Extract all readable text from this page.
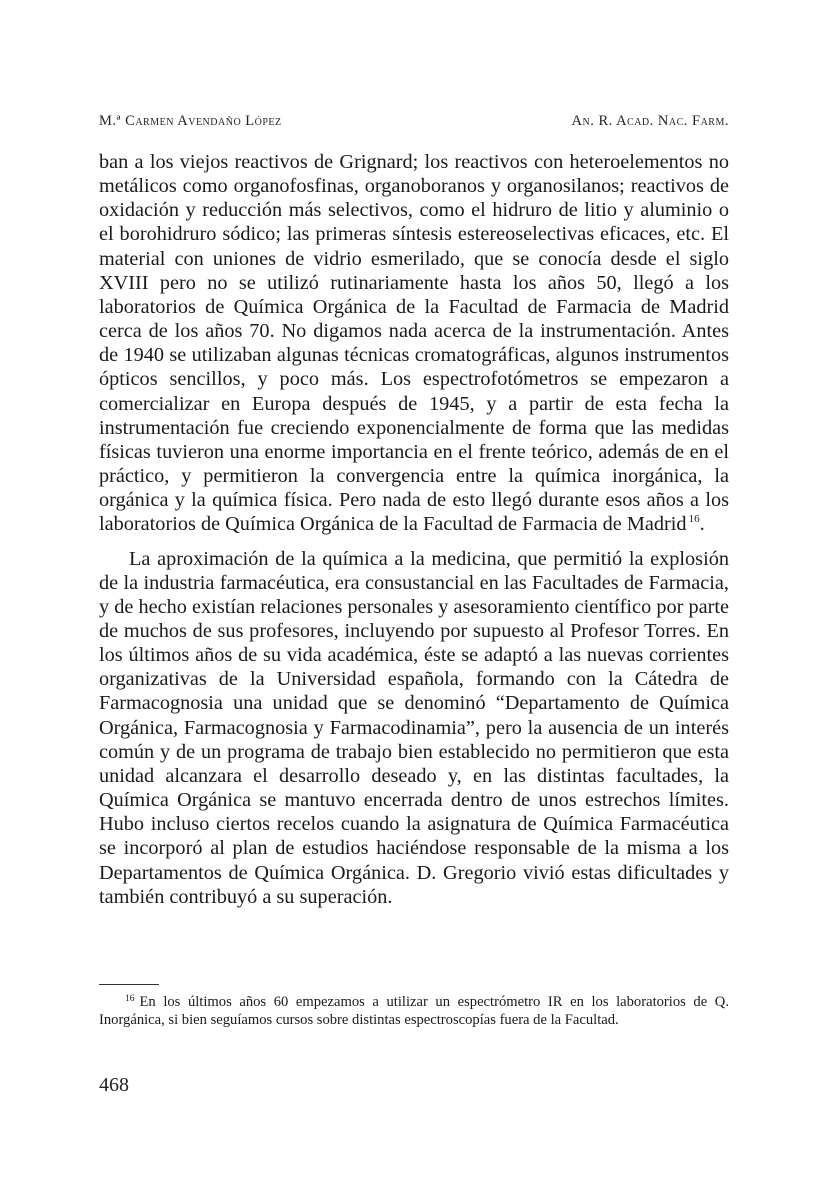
M.ª Carmen Avendaño López	An. R. Acad. Nac. Farm.

ban a los viejos reactivos de Grignard; los reactivos con heteroelementos no metálicos como organofosfinas, organoboranos y organosilanos; reactivos de oxidación y reducción más selectivos, como el hidruro de litio y aluminio o el borohidruro sódico; las primeras síntesis estereoselectivas eficaces, etc. El material con uniones de vidrio esmerilado, que se conocía desde el siglo XVIII pero no se utilizó rutinariamente hasta los años 50, llegó a los laboratorios de Química Orgánica de la Facultad de Farmacia de Madrid cerca de los años 70. No digamos nada acerca de la instrumentación. Antes de 1940 se utilizaban algunas técnicas cromatográficas, algunos instrumentos ópticos sencillos, y poco más. Los espectrofotómetros se empezaron a comercializar en Europa después de 1945, y a partir de esta fecha la instrumentación fue creciendo exponencialmente de forma que las medidas físicas tuvieron una enorme importancia en el frente teórico, además de en el práctico, y permitieron la convergencia entre la química inorgánica, la orgánica y la química física. Pero nada de esto llegó durante esos años a los laboratorios de Química Orgánica de la Facultad de Farmacia de Madrid $^{16}$.

La aproximación de la química a la medicina, que permitió la explosión de la industria farmacéutica, era consustancial en las Facultades de Farmacia, y de hecho existían relaciones personales y asesoramiento científico por parte de muchos de sus profesores, incluyendo por supuesto al Profesor Torres. En los últimos años de su vida académica, éste se adaptó a las nuevas corrientes organizativas de la Universidad española, formando con la Cátedra de Farmacognosia una unidad que se denominó “Departamento de Química Orgánica, Farmacognosia y Farmacodinamia”, pero la ausencia de un interés común y de un programa de trabajo bien establecido no permitieron que esta unidad alcanzara el desarrollo deseado y, en las distintas facultades, la Química Orgánica se mantuvo encerrada dentro de unos estrechos límites. Hubo incluso ciertos recelos cuando la asignatura de Química Farmacéutica se incorporó al plan de estudios haciéndose responsable de la misma a los Departamentos de Química Orgánica. D. Gregorio vivió estas dificultades y también contribuyó a su superación.

$^{16}$ En los últimos años 60 empezamos a utilizar un espectrómetro IR en los laboratorios de Q. Inorgánica, si bien seguíamos cursos sobre distintas espectroscopías fuera de la Facultad.

468
